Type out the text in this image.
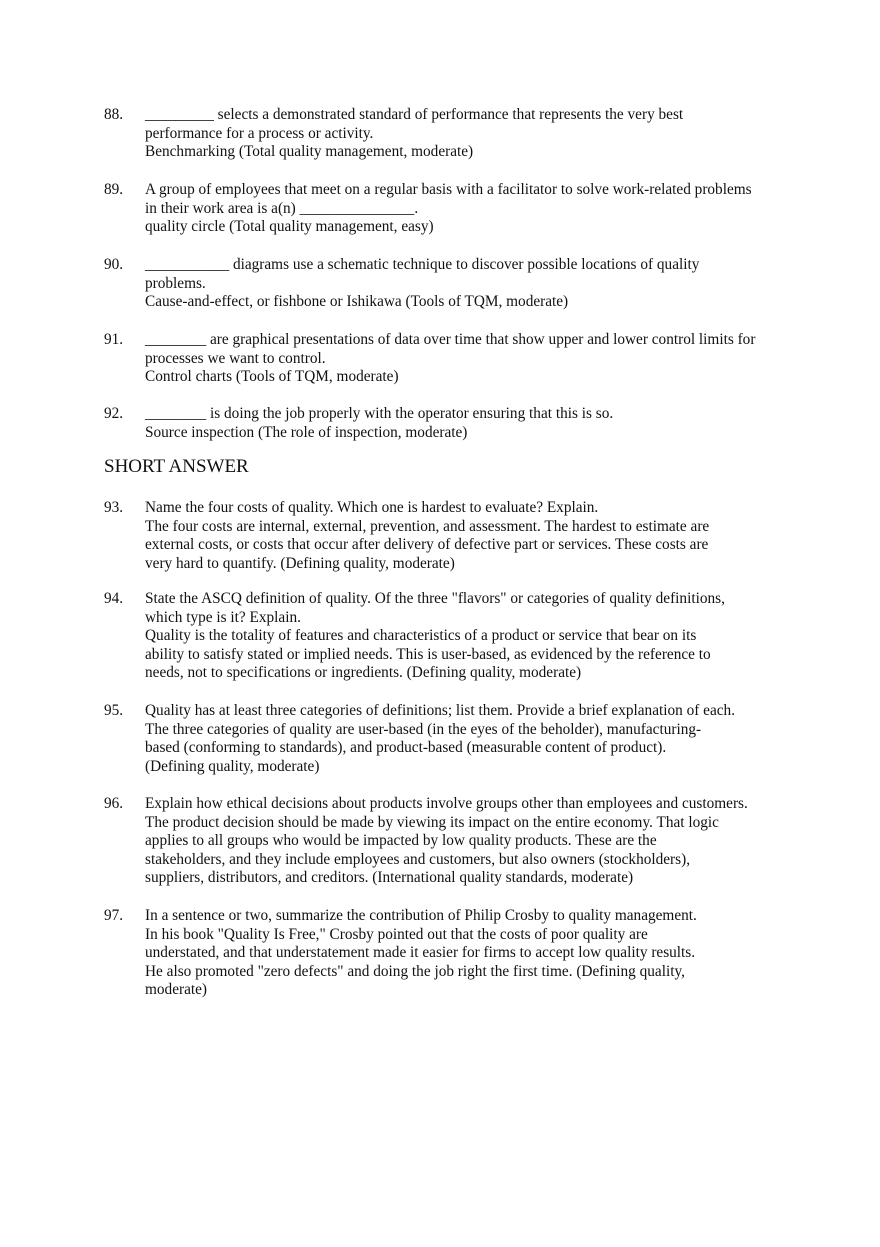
88.	_________ selects a demonstrated standard of performance that represents the very best
performance for a process or activity.
Benchmarking (Total quality management, moderate)
89.	A group of employees that meet on a regular basis with a facilitator to solve work-related problems
in their work area is a(n) _______________.
quality circle (Total quality management, easy)
90.	___________ diagrams use a schematic technique to discover possible locations of quality
problems.
Cause-and-effect, or fishbone or Ishikawa (Tools of TQM, moderate)
91.	________ are graphical presentations of data over time that show upper and lower control limits for
processes we want to control.
Control charts (Tools of TQM, moderate)
92.	________ is doing the job properly with the operator ensuring that this is so.
Source inspection (The role of inspection, moderate)
SHORT ANSWER
93.	Name the four costs of quality. Which one is hardest to evaluate? Explain.
The four costs are internal, external, prevention, and assessment. The hardest to estimate are
external costs, or costs that occur after delivery of defective part or services. These costs are
very hard to quantify. (Defining quality, moderate)
94.	State the ASCQ definition of quality. Of the three "flavors" or categories of quality definitions,
which type is it? Explain.
Quality is the totality of features and characteristics of a product or service that bear on its
ability to satisfy stated or implied needs. This is user-based, as evidenced by the reference to
needs, not to specifications or ingredients. (Defining quality, moderate)
95.	Quality has at least three categories of definitions; list them. Provide a brief explanation of each.
The three categories of quality are user-based (in the eyes of the beholder), manufacturing-
based (conforming to standards), and product-based (measurable content of product).
(Defining quality, moderate)
96.	Explain how ethical decisions about products involve groups other than employees and customers.
The product decision should be made by viewing its impact on the entire economy. That logic
applies to all groups who would be impacted by low quality products. These are the
stakeholders, and they include employees and customers, but also owners (stockholders),
suppliers, distributors, and creditors. (International quality standards, moderate)
97.	In a sentence or two, summarize the contribution of Philip Crosby to quality management.
In his book "Quality Is Free," Crosby pointed out that the costs of poor quality are
understated, and that understatement made it easier for firms to accept low quality results.
He also promoted "zero defects" and doing the job right the first time. (Defining quality,
moderate)
